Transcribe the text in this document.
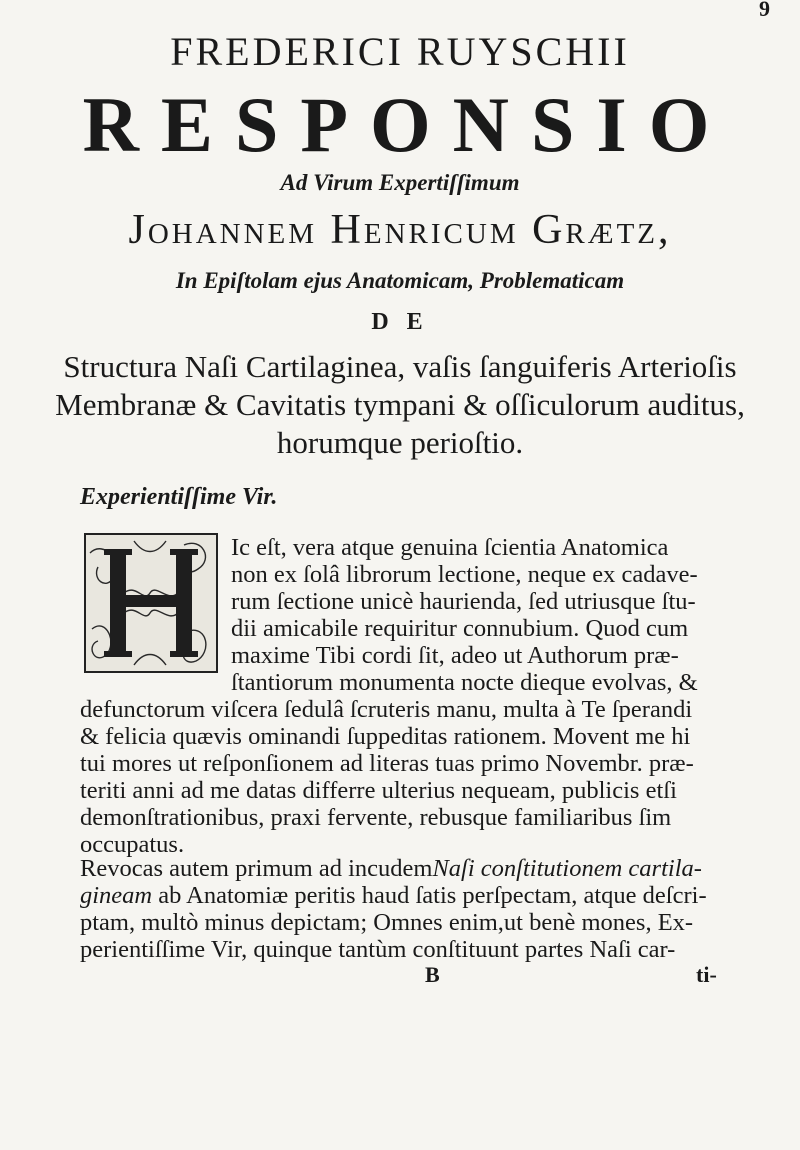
9
FREDERICI RUYSCHII
RESPONSIO
Ad Virum Expertiſſimum
Johannem Henricum Grætz,
In Epiſtolam ejus Anatomicam, Problematicam
D E
Structura Naſi Cartilaginea, vaſis ſanguiferis Arterioſis
Membranæ & Cavitatis tympani & oſſiculorum auditus,
horumque perioſtio.
Experientiſſime Vir.
Ic eſt, vera atque genuina ſcientia Anatomica
non ex ſolâ librorum lectione, neque ex cadave-
rum ſectione unicè haurienda, ſed utriusque ſtu-
dii amicabile requiritur connubium. Quod cum
maxime Tibi cordi ſit, adeo ut Authorum præ-
ſtantiorum monumenta nocte dieque evolvas, &
defunctorum viſcera ſedulâ ſcruteris manu, multa à Te ſperandi
& felicia quævis ominandi ſuppeditas rationem. Movent me hi
tui mores ut reſponſionem ad literas tuas primo Novembr. præ-
teriti anni ad me datas differre ulterius nequeam, publicis etſi
demonſtrationibus, praxi fervente, rebusque familiaribus ſim
occupatus.
Revocas autem primum ad incudemNaſi conſtitutionem cartila-
gineam ab Anatomiæ peritis haud ſatis perſpectam, atque deſcri-
ptam, multò minus depictam; Omnes enim,ut benè mones, Ex-
perientiſſime Vir, quinque tantùm conſtituunt partes Naſi car-
B	ti-
